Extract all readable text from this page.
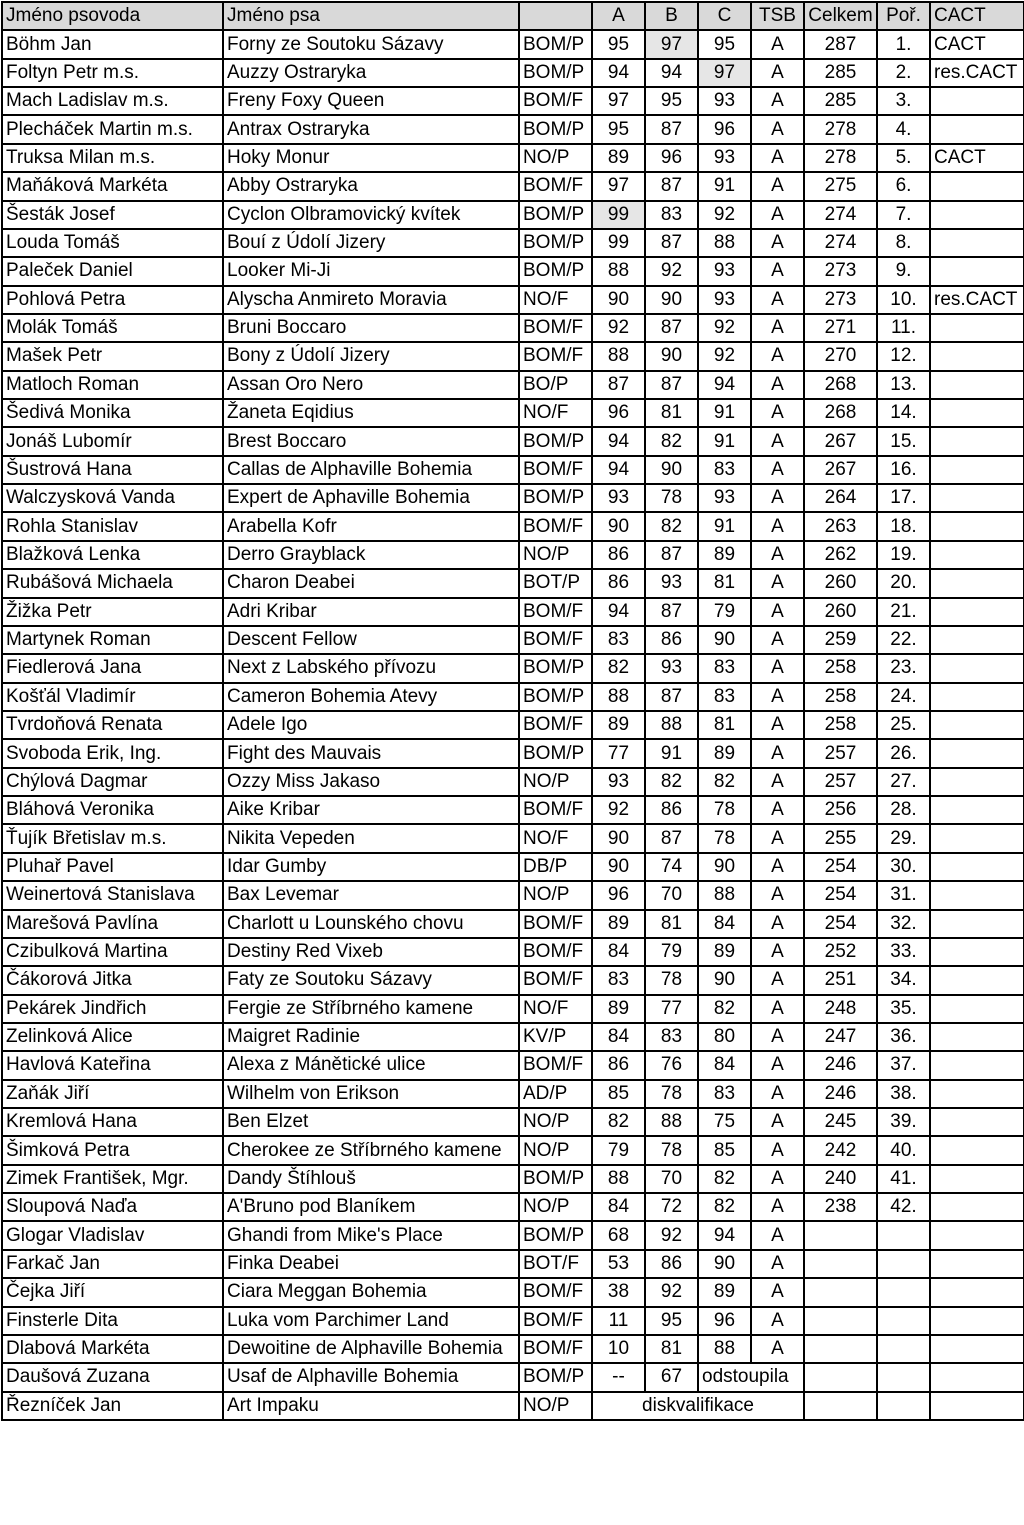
Jméno psovoda	Jméno psa		A	B	C	TSB	Celkem	Poř.	CACT
Böhm Jan	Forny ze Soutoku Sázavy	BOM/P	95	97	95	A	287	1.	CACT
Foltyn Petr m.s.	Auzzy Ostraryka	BOM/P	94	94	97	A	285	2.	res.CACT
Mach Ladislav m.s.	Freny Foxy Queen	BOM/F	97	95	93	A	285	3.	
Plecháček Martin m.s.	Antrax Ostraryka	BOM/P	95	87	96	A	278	4.	
Truksa Milan m.s.	Hoky Monur	NO/P	89	96	93	A	278	5.	CACT
Maňáková Markéta	Abby Ostraryka	BOM/F	97	87	91	A	275	6.	
Šesták Josef	Cyclon Olbramovický kvítek	BOM/P	99	83	92	A	274	7.	
Louda Tomáš	Bouí z Údolí Jizery	BOM/P	99	87	88	A	274	8.	
Paleček Daniel	Looker Mi-Ji	BOM/P	88	92	93	A	273	9.	
Pohlová Petra	Alyscha Anmireto Moravia	NO/F	90	90	93	A	273	10.	res.CACT
Molák Tomáš	Bruni Boccaro	BOM/F	92	87	92	A	271	11.	
Mašek Petr	Bony z Údolí Jizery	BOM/F	88	90	92	A	270	12.	
Matloch Roman	Assan Oro Nero	BO/P	87	87	94	A	268	13.	
Šedivá Monika	Žaneta Eqidius	NO/F	96	81	91	A	268	14.	
Jonáš Lubomír	Brest Boccaro	BOM/P	94	82	91	A	267	15.	
Šustrová Hana	Callas de Alphaville Bohemia	BOM/F	94	90	83	A	267	16.	
Walczysková Vanda	Expert de Aphaville Bohemia	BOM/P	93	78	93	A	264	17.	
Rohla Stanislav	Arabella Kofr	BOM/F	90	82	91	A	263	18.	
Blažková Lenka	Derro Grayblack	NO/P	86	87	89	A	262	19.	
Rubášová Michaela	Charon Deabei	BOT/P	86	93	81	A	260	20.	
Žižka Petr	Adri Kribar	BOM/F	94	87	79	A	260	21.	
Martynek Roman	Descent Fellow	BOM/F	83	86	90	A	259	22.	
Fiedlerová Jana	Next z Labského přívozu	BOM/P	82	93	83	A	258	23.	
Košťál Vladimír	Cameron Bohemia Atevy	BOM/P	88	87	83	A	258	24.	
Tvrdoňová Renata	Adele Igo	BOM/F	89	88	81	A	258	25.	
Svoboda Erik, Ing.	Fight des Mauvais	BOM/P	77	91	89	A	257	26.	
Chýlová Dagmar	Ozzy Miss Jakaso	NO/P	93	82	82	A	257	27.	
Bláhová Veronika	Aike Kribar	BOM/F	92	86	78	A	256	28.	
Ťujík Břetislav m.s.	Nikita Vepeden	NO/F	90	87	78	A	255	29.	
Pluhař Pavel	Idar Gumby	DB/P	90	74	90	A	254	30.	
Weinertová Stanislava	Bax Levemar	NO/P	96	70	88	A	254	31.	
Marešová Pavlína	Charlott u Lounského chovu	BOM/F	89	81	84	A	254	32.	
Czibulková Martina	Destiny Red Vixeb	BOM/F	84	79	89	A	252	33.	
Čákorová Jitka	Faty ze Soutoku Sázavy	BOM/F	83	78	90	A	251	34.	
Pekárek Jindřich	Fergie ze Stříbrného kamene	NO/F	89	77	82	A	248	35.	
Zelinková Alice	Maigret Radinie	KV/P	84	83	80	A	247	36.	
Havlová Kateřina	Alexa z Mánětické ulice	BOM/F	86	76	84	A	246	37.	
Zaňák Jiří	Wilhelm von Erikson	AD/P	85	78	83	A	246	38.	
Kremlová Hana	Ben Elzet	NO/P	82	88	75	A	245	39.	
Šimková Petra	Cherokee ze Stříbrného kamene	NO/P	79	78	85	A	242	40.	
Zimek František, Mgr.	Dandy Štíhlouš	BOM/P	88	70	82	A	240	41.	
Sloupová Naďa	A'Bruno pod Blaníkem	NO/P	84	72	82	A	238	42.	
Glogar Vladislav	Ghandi from Mike's Place	BOM/P	68	92	94	A			
Farkač Jan	Finka Deabei	BOT/F	53	86	90	A			
Čejka Jiří	Ciara Meggan Bohemia	BOM/F	38	92	89	A			
Finsterle Dita	Luka vom Parchimer Land	BOM/F	11	95	96	A			
Dlabová Markéta	Dewoitine de Alphaville Bohemia	BOM/F	10	81	88	A			
Daušová Zuzana	Usaf de Alphaville Bohemia	BOM/P	--	67	odstoupila				
Řezníček Jan	Art Impaku	NO/P	diskvalifikace						
